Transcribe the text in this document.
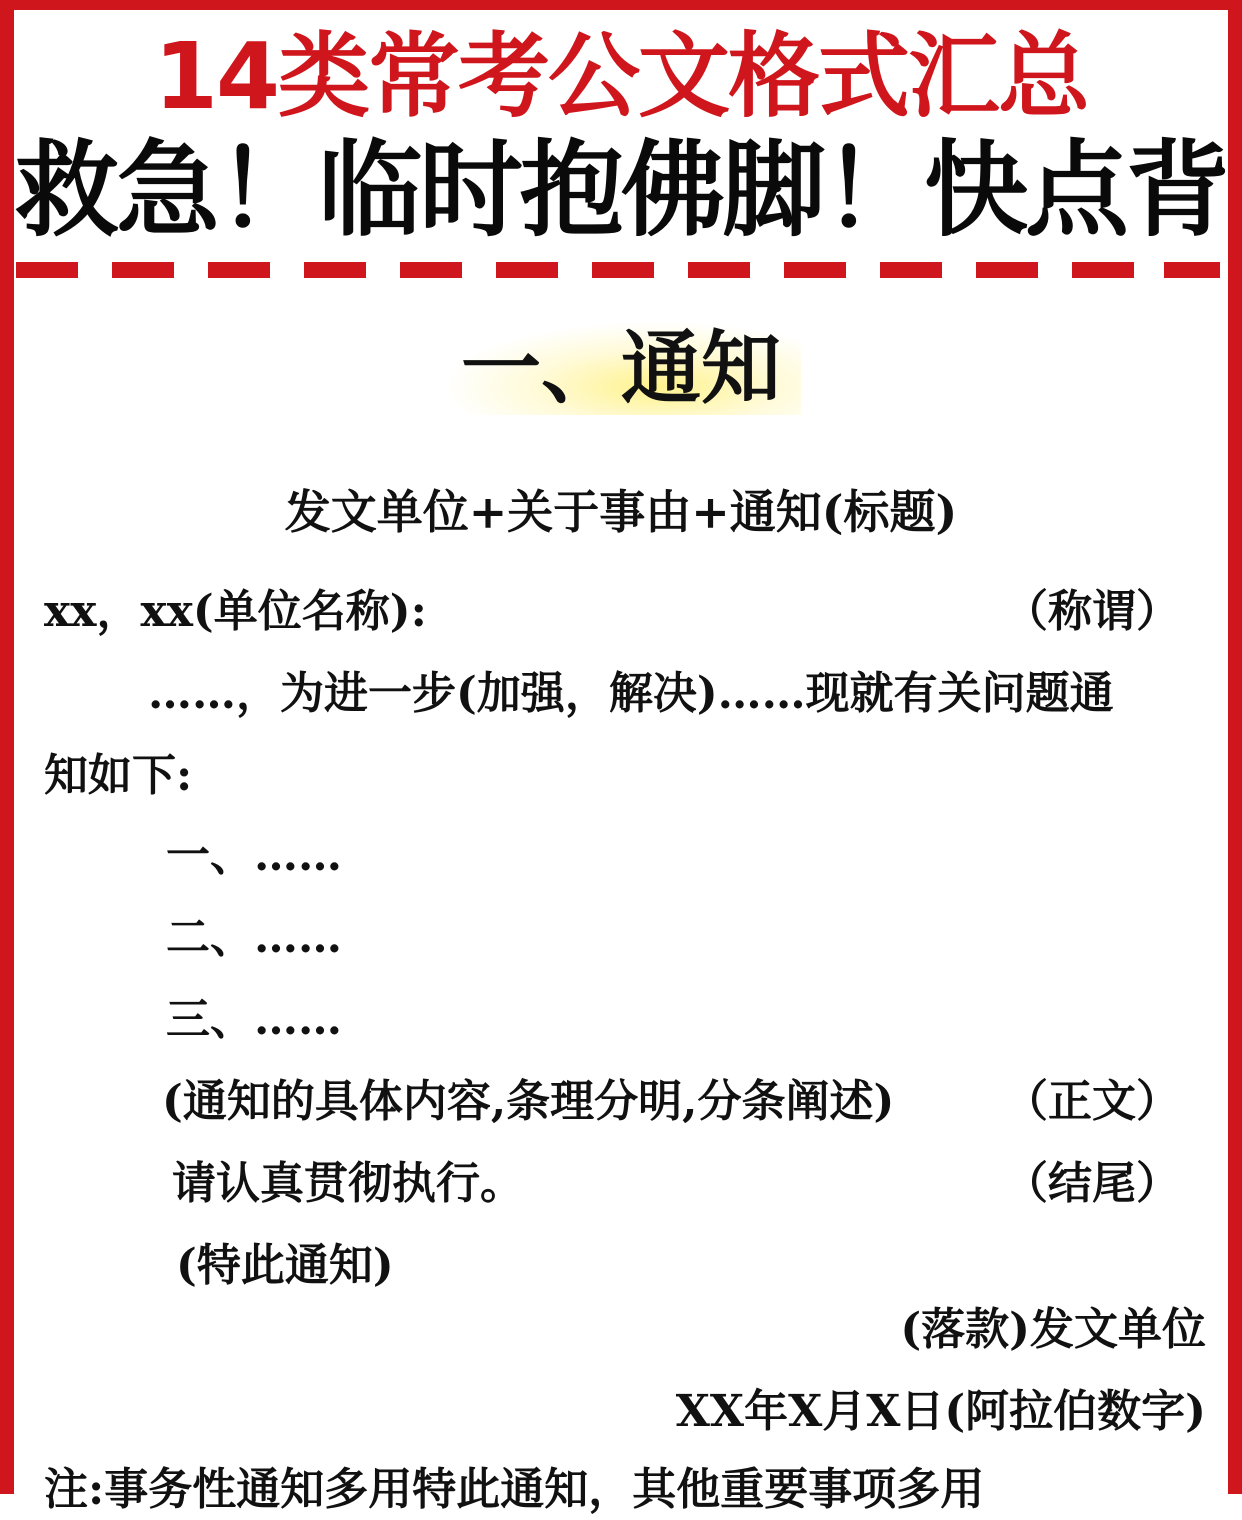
14类常考公文格式汇总
救急！临时抱佛脚！快点背
一、通知
发文单位+关于事由+通知(标题)
xx，xx(单位名称):	（称谓）
……，为进一步(加强，解决)……现就有关问题通
知如下:
一、……
二、……
三、……
(通知的具体内容,条理分明,分条阐述) （正文）
请认真贯彻执行。	（结尾）
(特此通知)
(落款)发文单位
XX年X月X日(阿拉伯数字)
注:事务性通知多用特此通知，其他重要事项多用
